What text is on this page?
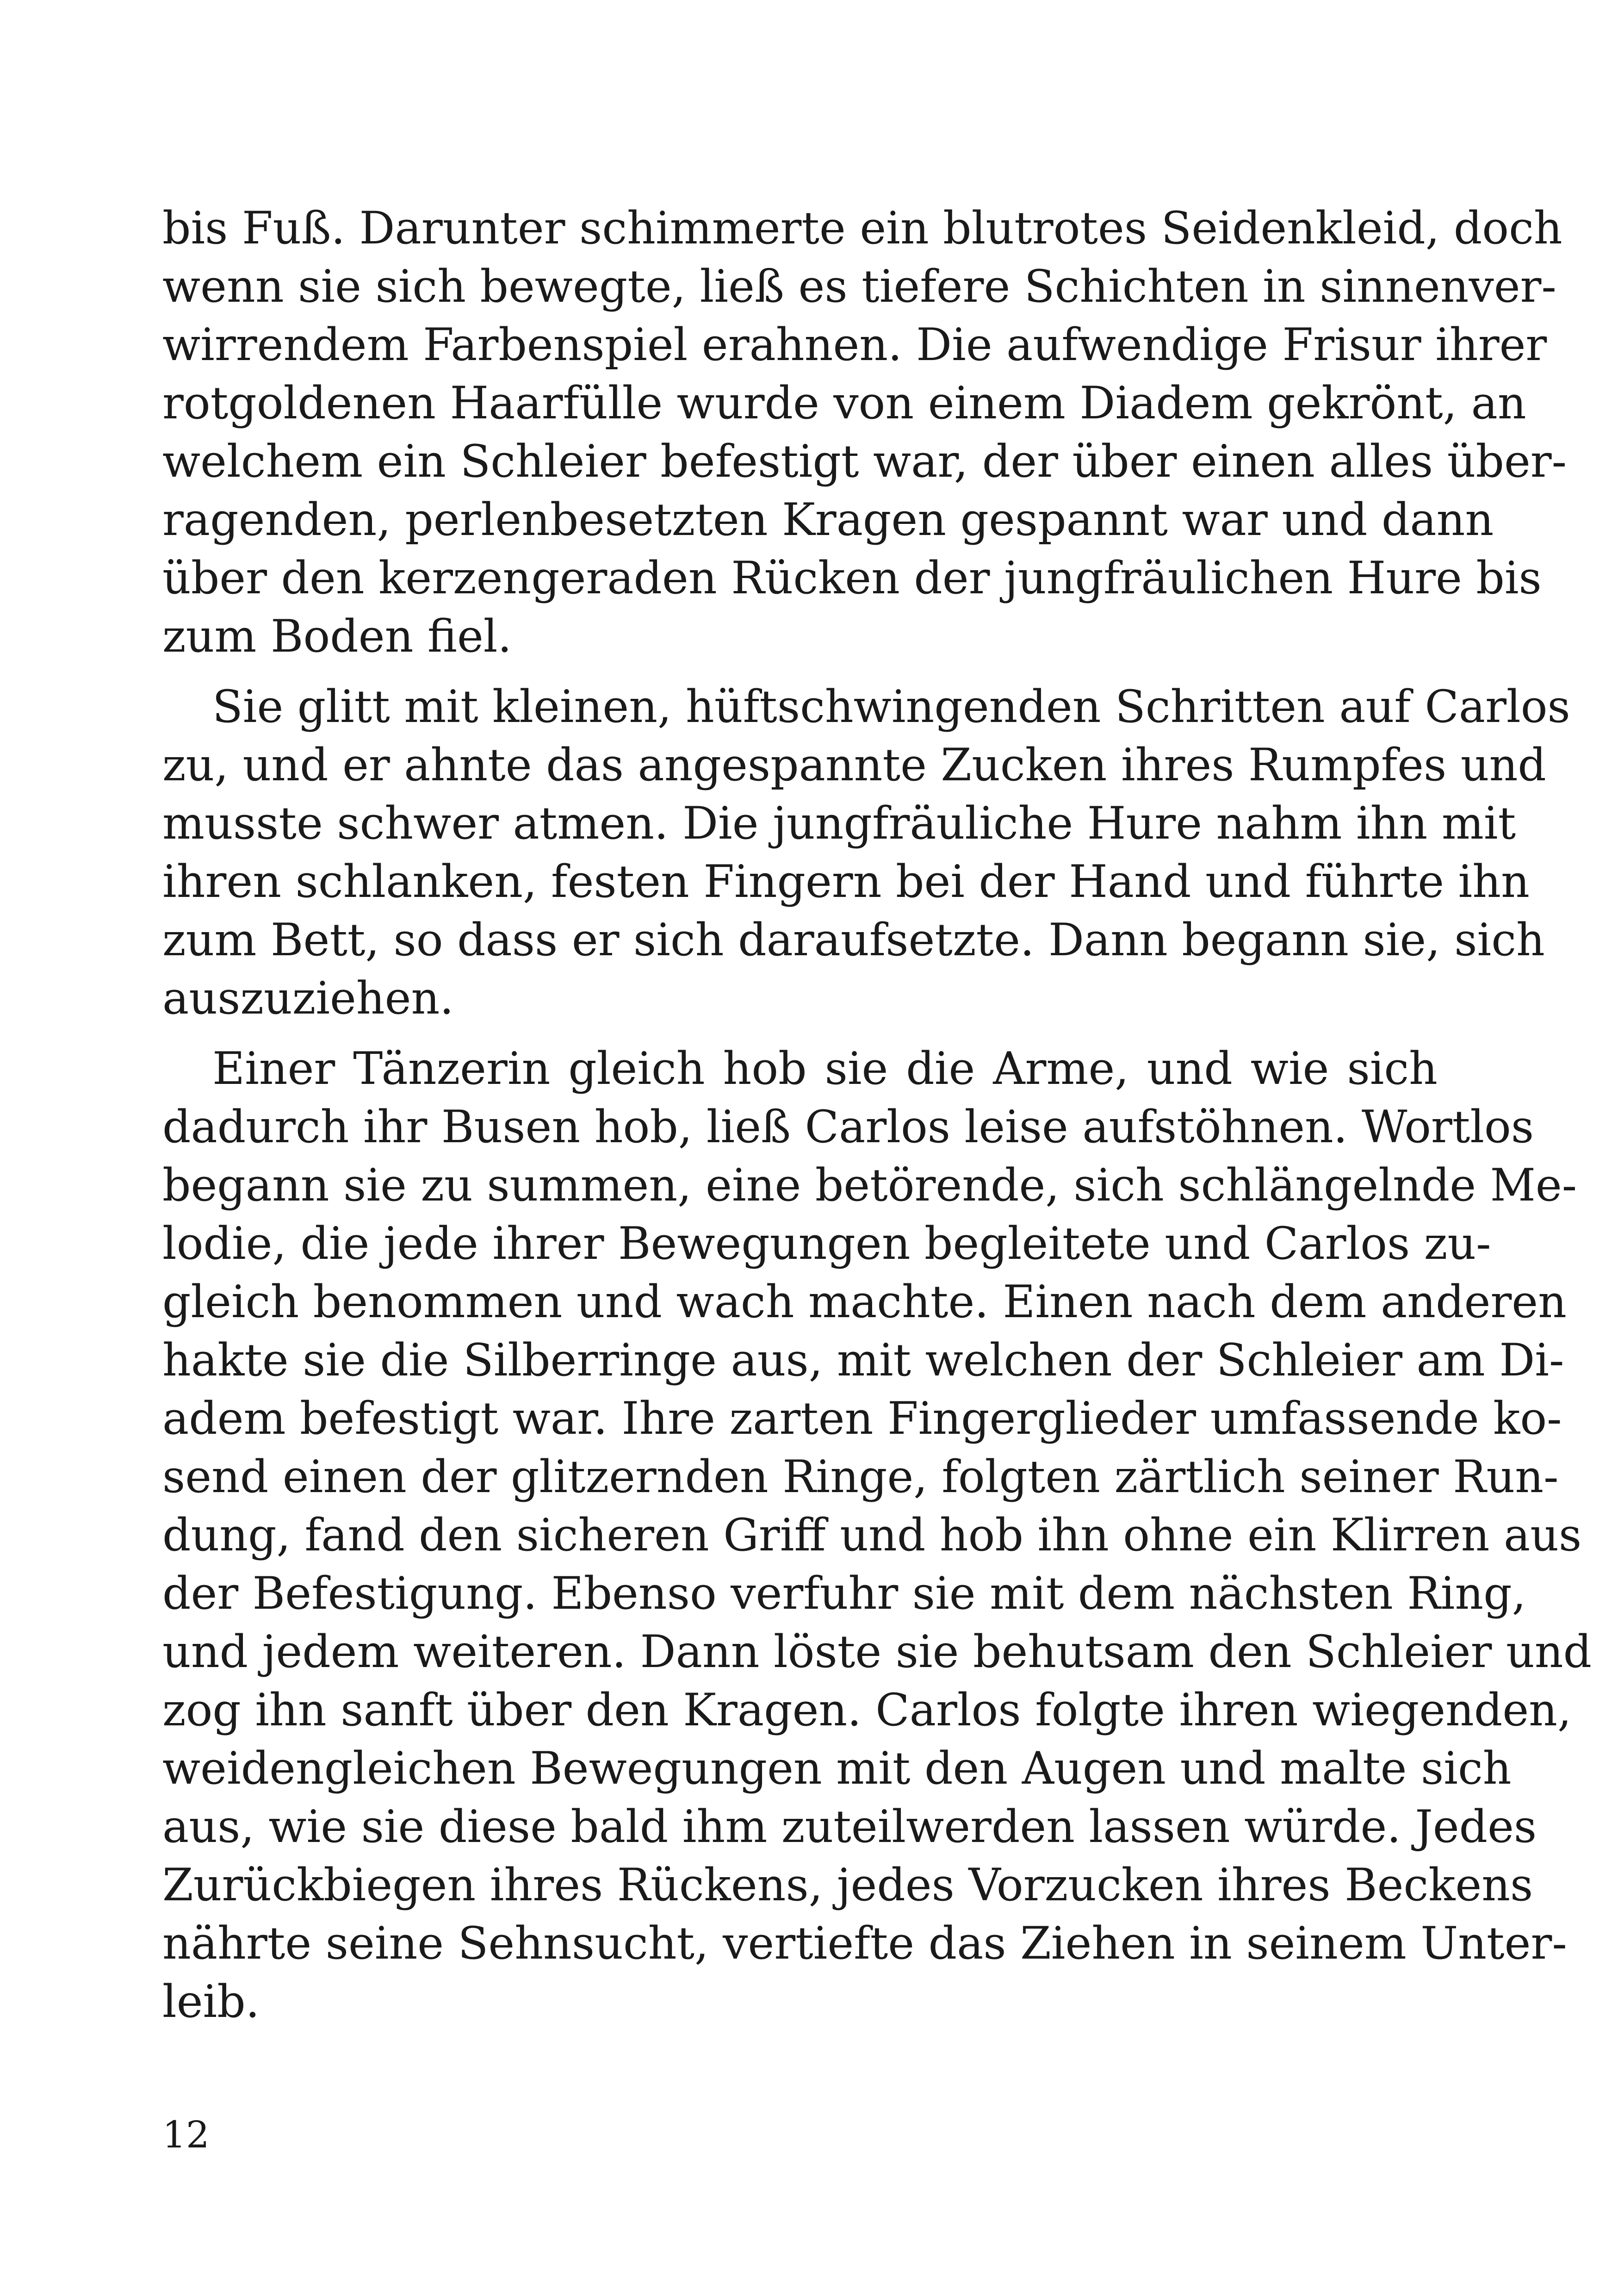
bis Fuß. Darunter schimmerte ein blutrotes Seidenkleid, doch
wenn sie sich bewegte, ließ es tiefere Schichten in sinnenver-
wirrendem Farbenspiel erahnen. Die aufwendige Frisur ihrer
rotgoldenen Haarfülle wurde von einem Diadem gekrönt, an
welchem ein Schleier befestigt war, der über einen alles über-
ragenden, perlenbesetzten Kragen gespannt war und dann
über den kerzengeraden Rücken der jungfräulichen Hure bis
zum Boden fiel.
Sie glitt mit kleinen, hüftschwingenden Schritten auf Carlos
zu, und er ahnte das angespannte Zucken ihres Rumpfes und
musste schwer atmen. Die jungfräuliche Hure nahm ihn mit
ihren schlanken, festen Fingern bei der Hand und führte ihn
zum Bett, so dass er sich daraufsetzte. Dann begann sie, sich
auszuziehen.
Einer Tänzerin gleich hob sie die Arme, und wie sich
dadurch ihr Busen hob, ließ Carlos leise aufstöhnen. Wortlos
begann sie zu summen, eine betörende, sich schlängelnde Me-
lodie, die jede ihrer Bewegungen begleitete und Carlos zu-
gleich benommen und wach machte. Einen nach dem anderen
hakte sie die Silberringe aus, mit welchen der Schleier am Di-
adem befestigt war. Ihre zarten Fingerglieder umfassende ko-
send einen der glitzernden Ringe, folgten zärtlich seiner Run-
dung, fand den sicheren Griff und hob ihn ohne ein Klirren aus
der Befestigung. Ebenso verfuhr sie mit dem nächsten Ring,
und jedem weiteren. Dann löste sie behutsam den Schleier und
zog ihn sanft über den Kragen. Carlos folgte ihren wiegenden,
weidengleichen Bewegungen mit den Augen und malte sich
aus, wie sie diese bald ihm zuteilwerden lassen würde. Jedes
Zurückbiegen ihres Rückens, jedes Vorzucken ihres Beckens
nährte seine Sehnsucht, vertiefte das Ziehen in seinem Unter-
leib.
12
